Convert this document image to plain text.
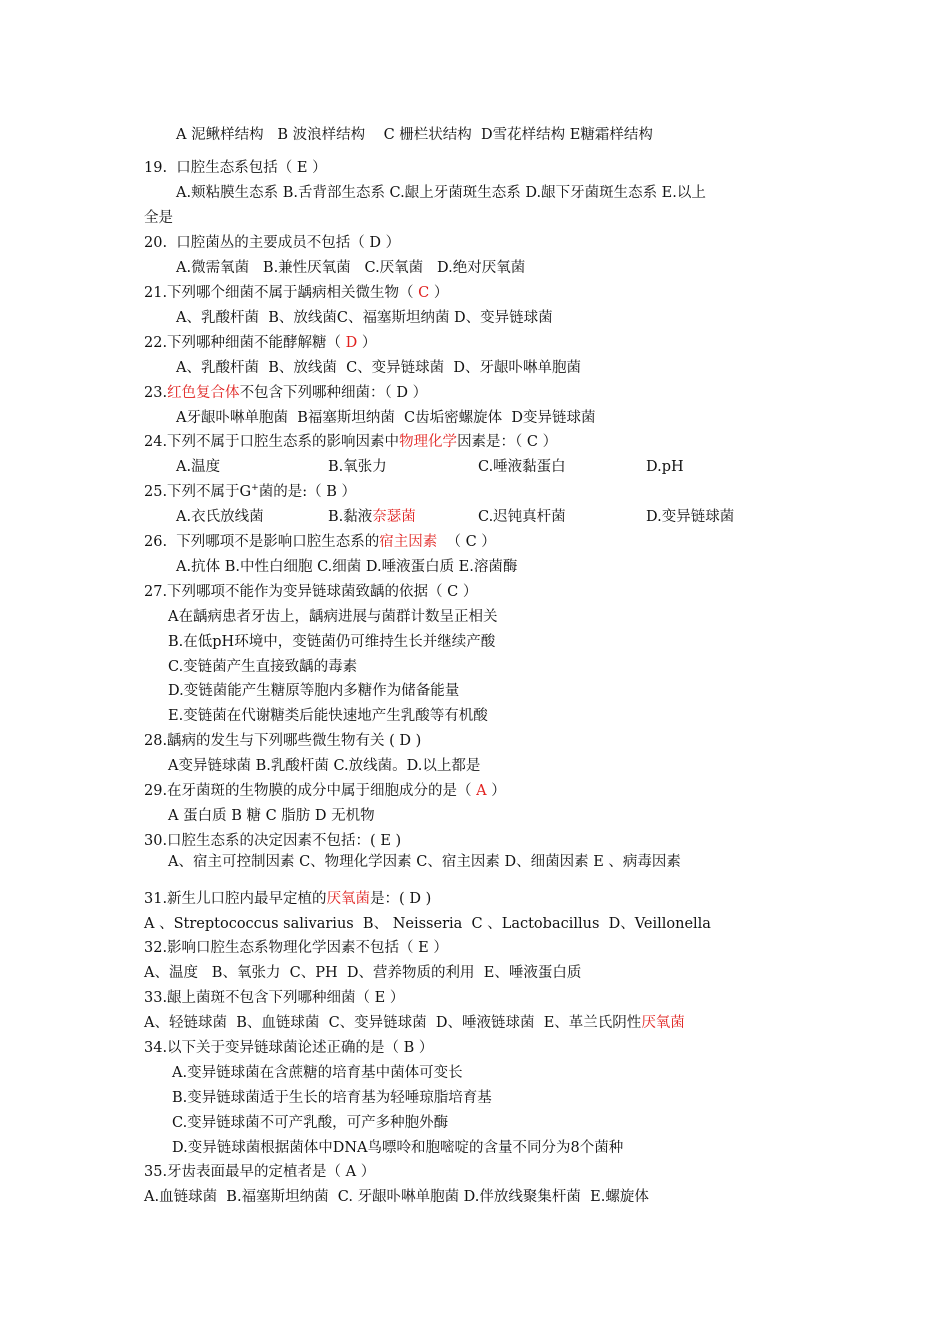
A 泥鳅样结构   B 波浪样结构    C 栅栏状结构  D雪花样结构 E糖霜样结构
19.  口腔生态系包括（ E ）
A.颊粘膜生态系 B.舌背部生态系 C.龈上牙菌斑生态系 D.龈下牙菌斑生态系 E.以上
全是
20.  口腔菌丛的主要成员不包括（ D ）
A.微需氧菌   B.兼性厌氧菌   C.厌氧菌   D.绝对厌氧菌
21.下列哪个细菌不属于龋病相关微生物（ C ）
A、乳酸杆菌  B、放线菌C、福塞斯坦纳菌 D、变异链球菌
22.下列哪种细菌不能酵解糖（ D ）
A、乳酸杆菌  B、放线菌  C、变异链球菌  D、牙龈卟啉单胞菌
23.红色复合体不包含下列哪种细菌：（ D ）
A牙龈卟啉单胞菌  B福塞斯坦纳菌  C齿垢密螺旋体  D变异链球菌
24.下列不属于口腔生态系的影响因素中物理化学因素是：（ C ）
A.温度	B.氧张力	C.唾液黏蛋白	D.pH
25.下列不属于G+菌的是:（ B ）
A.衣氏放线菌	B.黏液奈瑟菌	C.迟钝真杆菌	D.变异链球菌
26.  下列哪项不是影响口腔生态系的宿主因素  （ C ）
A.抗体 B.中性白细胞 C.细菌 D.唾液蛋白质 E.溶菌酶
27.下列哪项不能作为变异链球菌致龋的依据（ C ）
A在龋病患者牙齿上，龋病进展与菌群计数呈正相关
B.在低pH环境中，变链菌仍可维持生长并继续产酸
C.变链菌产生直接致龋的毒素
D.变链菌能产生糖原等胞内多糖作为储备能量
E.变链菌在代谢糖类后能快速地产生乳酸等有机酸
28.龋病的发生与下列哪些微生物有关 ( D )
A变异链球菌 B.乳酸杆菌 C.放线菌。D.以上都是
29.在牙菌斑的生物膜的成分中属于细胞成分的是（ A ）
A 蛋白质 B 糖 C 脂肪 D 无机物
30.口腔生态系的决定因素不包括：( E )
A、宿主可控制因素 C、物理化学因素 C、宿主因素 D、细菌因素 E 、病毒因素
31.新生儿口腔内最早定植的厌氧菌是：( D )
A 、Streptococcus salivarius  B、 Neisseria  C 、Lactobacillus  D、Veillonella
32.影响口腔生态系物理化学因素不包括（ E ）
A、温度   B、氧张力  C、PH  D、营养物质的利用  E、唾液蛋白质
33.龈上菌斑不包含下列哪种细菌（ E ）
A、轻链球菌  B、血链球菌  C、变异链球菌  D、唾液链球菌  E、革兰氏阴性厌氧菌
34.以下关于变异链球菌论述正确的是（ B ）
A.变异链球菌在含蔗糖的培育基中菌体可变长
B.变异链球菌适于生长的培育基为轻唾琼脂培育基
C.变异链球菌不可产乳酸，可产多种胞外酶
D.变异链球菌根据菌体中DNA鸟嘌呤和胞嘧啶的含量不同分为8个菌种
35.牙齿表面最早的定植者是（ A ）
A.血链球菌  B.福塞斯坦纳菌  C. 牙龈卟啉单胞菌 D.伴放线聚集杆菌  E.螺旋体
